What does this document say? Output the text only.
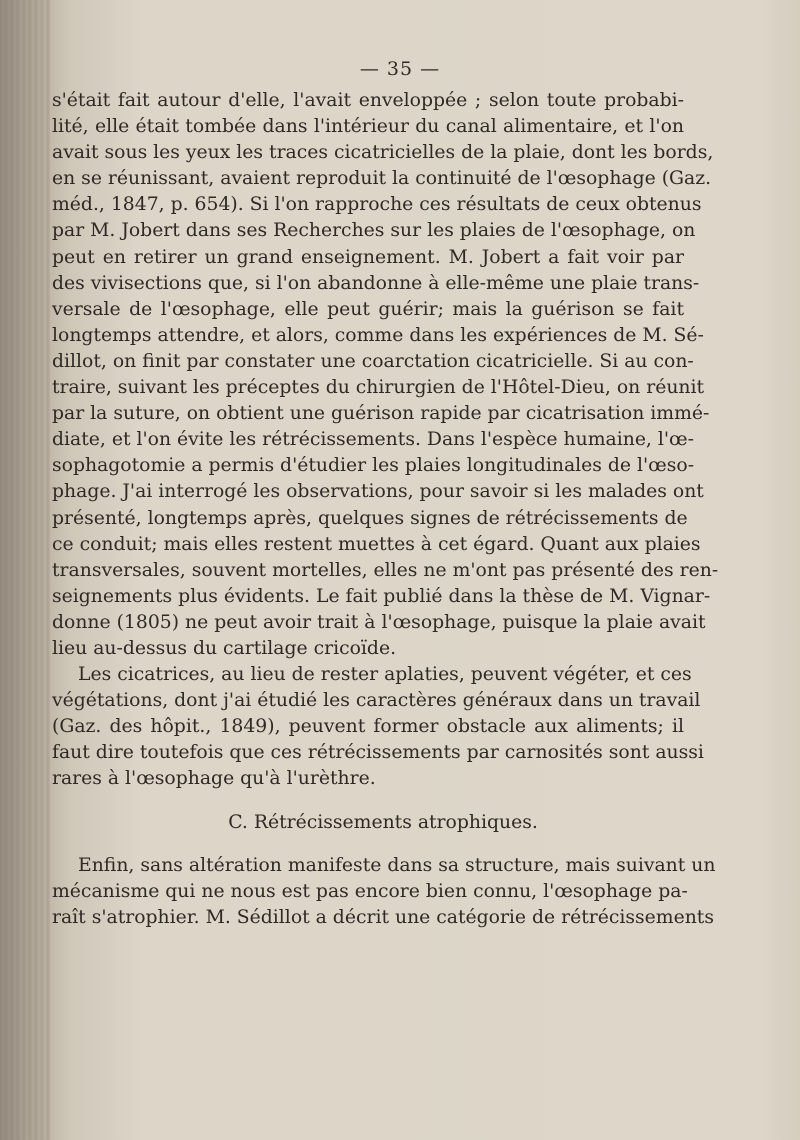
— 35 —
s'était fait autour d'elle, l'avait enveloppée ; selon toute probabi-
lité, elle était tombée dans l'intérieur du canal alimentaire, et l'on
avait sous les yeux les traces cicatricielles de la plaie, dont les bords,
en se réunissant, avaient reproduit la continuité de l'œsophage (Gaz.
méd., 1847, p. 654). Si l'on rapproche ces résultats de ceux obtenus
par M. Jobert dans ses Recherches sur les plaies de l'œsophage, on
peut en retirer un grand enseignement. M. Jobert a fait voir par
des vivisections que, si l'on abandonne à elle-même une plaie trans-
versale de l'œsophage, elle peut guérir; mais la guérison se fait
longtemps attendre, et alors, comme dans les expériences de M. Sé-
dillot, on finit par constater une coarctation cicatricielle. Si au con-
traire, suivant les préceptes du chirurgien de l'Hôtel-Dieu, on réunit
par la suture, on obtient une guérison rapide par cicatrisation immé-
diate, et l'on évite les rétrécissements. Dans l'espèce humaine, l'œ-
sophagotomie a permis d'étudier les plaies longitudinales de l'œso-
phage. J'ai interrogé les observations, pour savoir si les malades ont
présenté, longtemps après, quelques signes de rétrécissements de
ce conduit; mais elles restent muettes à cet égard. Quant aux plaies
transversales, souvent mortelles, elles ne m'ont pas présenté des ren-
seignements plus évidents. Le fait publié dans la thèse de M. Vignar-
donne (1805) ne peut avoir trait à l'œsophage, puisque la plaie avait
lieu au-dessus du cartilage cricoïde.
Les cicatrices, au lieu de rester aplaties, peuvent végéter, et ces
végétations, dont j'ai étudié les caractères généraux dans un travail
(Gaz. des hôpit., 1849), peuvent former obstacle aux aliments; il
faut dire toutefois que ces rétrécissements par carnosités sont aussi
rares à l'œsophage qu'à l'urèthre.
C. Rétrécissements atrophiques.
Enfin, sans altération manifeste dans sa structure, mais suivant un
mécanisme qui ne nous est pas encore bien connu, l'œsophage pa-
raît s'atrophier. M. Sédillot a décrit une catégorie de rétrécissements
